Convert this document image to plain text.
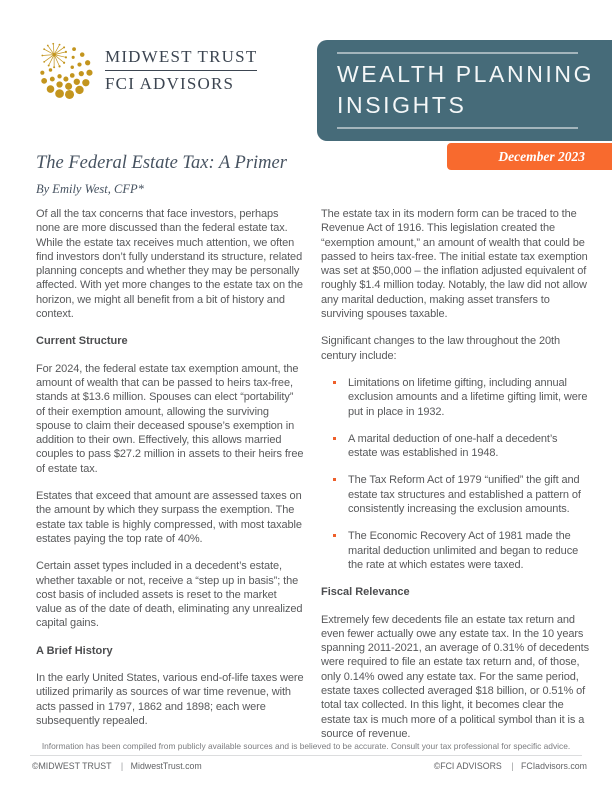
MIDWEST TRUST
FCI ADVISORS	WEALTH PLANNING
INSIGHTS
December 2023
The Federal Estate Tax: A Primer
By Emily West, CFP*

Of all the tax concerns that face investors, perhaps none are more discussed than the federal estate tax. While the estate tax receives much attention, we often find investors don’t fully understand its structure, related planning concepts and whether they may be personally affected. With yet more changes to the estate tax on the horizon, we might all benefit from a bit of history and context.

Current Structure

For 2024, the federal estate tax exemption amount, the amount of wealth that can be passed to heirs tax-free, stands at $13.6 million. Spouses can elect “portability” of their exemption amount, allowing the surviving spouse to claim their deceased spouse’s exemption in addition to their own. Effectively, this allows married couples to pass $27.2 million in assets to their heirs free of estate tax.

Estates that exceed that amount are assessed taxes on the amount by which they surpass the exemption. The estate tax table is highly compressed, with most taxable estates paying the top rate of 40%.

Certain asset types included in a decedent’s estate, whether taxable or not, receive a “step up in basis”; the cost basis of included assets is reset to the market value as of the date of death, eliminating any unrealized capital gains.

A Brief History

In the early United States, various end-of-life taxes were utilized primarily as sources of war time revenue, with acts passed in 1797, 1862 and 1898; each were subsequently repealed.

The estate tax in its modern form can be traced to the Revenue Act of 1916. This legislation created the “exemption amount,” an amount of wealth that could be passed to heirs tax-free. The initial estate tax exemption was set at $50,000 – the inflation adjusted equivalent of roughly $1.4 million today. Notably, the law did not allow any marital deduction, making asset transfers to surviving spouses taxable.

Significant changes to the law throughout the 20th century include:

Limitations on lifetime gifting, including annual exclusion amounts and a lifetime gifting limit, were put in place in 1932.
A marital deduction of one-half a decedent’s estate was established in 1948.
The Tax Reform Act of 1979 “unified” the gift and estate tax structures and established a pattern of consistently increasing the exclusion amounts.
The Economic Recovery Act of 1981 made the marital deduction unlimited and began to reduce the rate at which estates were taxed.
Fiscal Relevance

Extremely few decedents file an estate tax return and even fewer actually owe any estate tax. In the 10 years spanning 2011-2021, an average of 0.31% of decedents were required to file an estate tax return and, of those, only 0.14% owed any estate tax. For the same period, estate taxes collected averaged $18 billion, or 0.51% of total tax collected. In this light, it becomes clear the estate tax is much more of a political symbol than it is a source of revenue.

Information has been compiled from publicly available sources and is believed to be accurate. Consult your tax professional for specific advice.
©MIDWEST TRUST | MidwestTrust.com	©FCI ADVISORS | FCIadvisors.com
